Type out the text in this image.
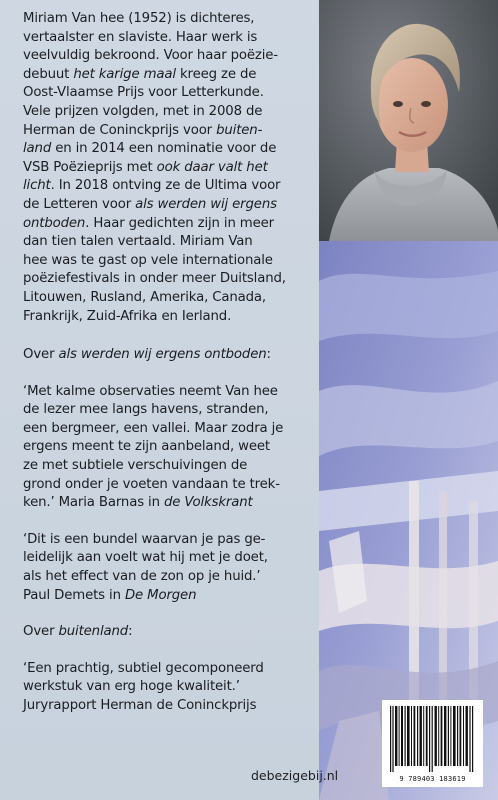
Miriam Van hee (1952) is dichteres,
vertaalster en slaviste. Haar werk is
veelvuldig bekroond. Voor haar poëzie-
debuut het karige maal kreeg ze de
Oost-Vlaamse Prijs voor Letterkunde.
Vele prijzen volgden, met in 2008 de
Herman de Coninckprijs voor buiten-
land en in 2014 een nominatie voor de
VSB Poëzieprijs met ook daar valt het
licht. In 2018 ontving ze de Ultima voor
de Letteren voor als werden wij ergens
ontboden. Haar gedichten zijn in meer
dan tien talen vertaald. Miriam Van
hee was te gast op vele internationale
poëziefestivals in onder meer Duitsland,
Litouwen, Rusland, Amerika, Canada,
Frankrijk, Zuid-Afrika en Ierland.
Over als werden wij ergens ontboden:
‘Met kalme observaties neemt Van hee
de lezer mee langs havens, stranden,
een bergmeer, een vallei. Maar zodra je
ergens meent te zijn aanbeland, weet
ze met subtiele verschuivingen de
grond onder je voeten vandaan te trek-
ken.’ Maria Barnas in de Volkskrant
‘Dit is een bundel waarvan je pas ge-
leidelijk aan voelt wat hij met je doet,
als het effect van de zon op je huid.’
Paul Demets in De Morgen
Over buitenland:
‘Een prachtig, subtiel gecomponeerd
werkstuk van erg hoge kwaliteit.’
Juryrapport Herman de Coninckprijs
9 789403 183619
debezigebij.nl
